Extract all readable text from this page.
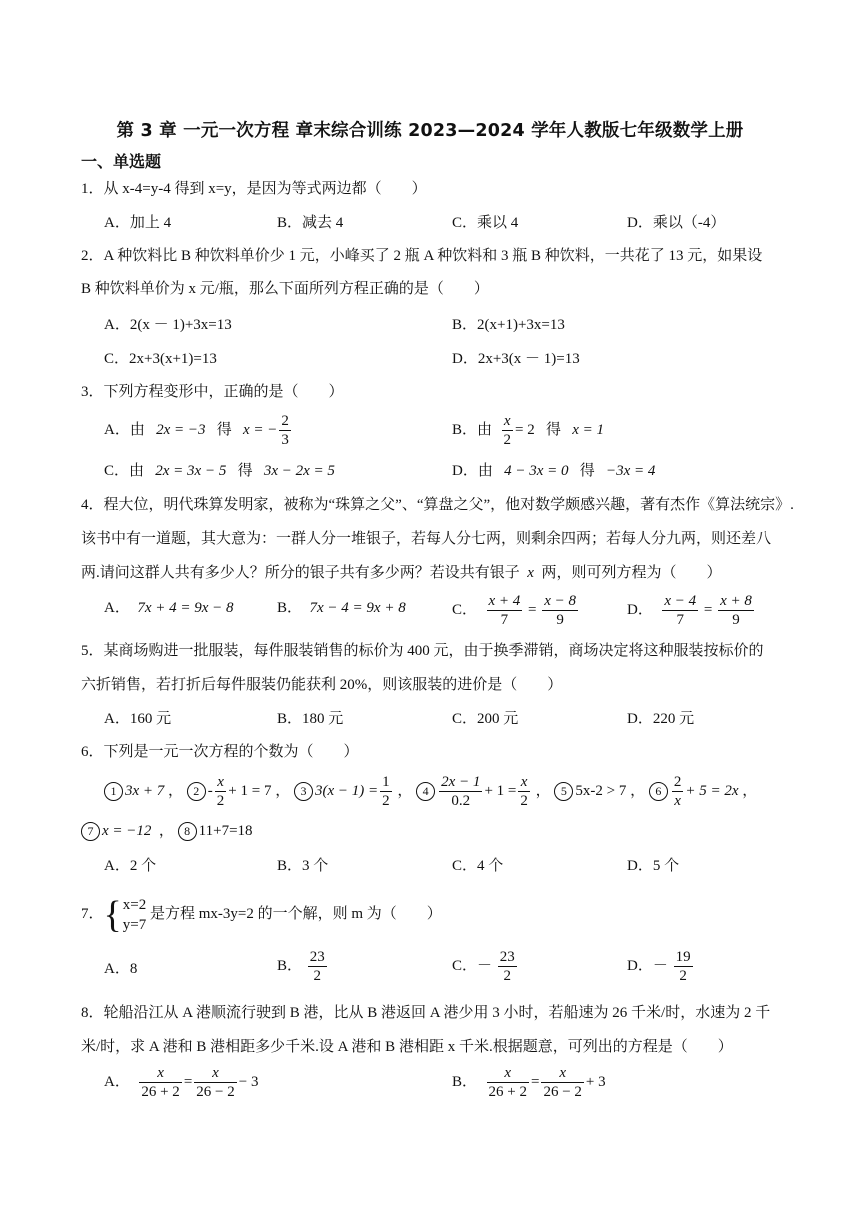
第 3 章 一元一次方程 章末综合训练 2023—2024 学年人教版七年级数学上册
一、单选题
1．从 x-4=y-4 得到 x=y，是因为等式两边都（　　）
A．加上 4	B．减去 4	C．乘以 4	D．乘以（-4）
2．A 种饮料比 B 种饮料单价少 1 元，小峰买了 2 瓶 A 种饮料和 3 瓶 B 种饮料，一共花了 13 元，如果设
B 种饮料单价为 x 元/瓶，那么下面所列方程正确的是（　　）
A．2(x － 1)+3x=13	B．2(x+1)+3x=13
C．2x+3(x+1)=13	D．2x+3(x － 1)=13
3．下列方程变形中，正确的是（　　）
A．由 2x = −3 得 x = − $\frac{2}{3}$	B．由 $\frac{x}{2} = 2$ 得 x = 1
C．由 2x = 3x − 5 得 3x − 2x = 5	D．由 4 − 3x = 0 得 −3x = 4
4．程大位，明代珠算发明家，被称为“珠算之父”、“算盘之父”，他对数学颇感兴趣，著有杰作《算法统宗》.
该书中有一道题，其大意为：一群人分一堆银子，若每人分七两，则剩余四两；若每人分九两，则还差八
两.请问这群人共有多少人？所分的银子共有多少两？若设共有银子 x 两，则可列方程为（　　）
A． 7x + 4 = 9x − 8	B． 7x − 4 = 9x + 8	C． $\frac{x + 4}{7} = \frac{x - 8}{9}$	D． $\frac{x - 4}{7} = \frac{x + 8}{9}$
5．某商场购进一批服装，每件服装销售的标价为 400 元，由于换季滞销，商场决定将这种服装按标价的
六折销售，若打折后每件服装仍能获利 20%，则该服装的进价是（　　）
A．160 元	B．180 元	C．200 元	D．220 元
6．下列是一元一次方程的个数为（　　）
1 3x + 7 ， $2 - \frac{x}{2} + 1 = 7$ ， 3 $3(x - 1) = \frac{1}{2}$ ， $4 \frac{2x - 1}{0.2} + 1 = \frac{x}{2}$ ， 5 5x-2 > 7 ， $6 \frac{2}{x} + 5 = 2x$ ，
7 x = −12 ， 8 11+7=18
A．2 个	B．3 个	C．4 个	D．5 个
7．{ x=2
y=7
是方程 mx-3y=2 的一个解，则 m 为（　　）
A．8	B． $\frac{23}{2}$	C．－ $\frac{23}{2}$	D．－ $\frac{19}{2}$
8．轮船沿江从 A 港顺流行驶到 B 港，比从 B 港返回 A 港少用 3 小时，若船速为 26 千米/时，水速为 2 千
米/时，求 A 港和 B 港相距多少千米.设 A 港和 B 港相距 x 千米.根据题意，可列出的方程是（　　）
A． $\frac{x}{26 + 2} = \frac{x}{26 - 2} - 3$	B． $\frac{x}{26 + 2} = \frac{x}{26 - 2} + 3$
